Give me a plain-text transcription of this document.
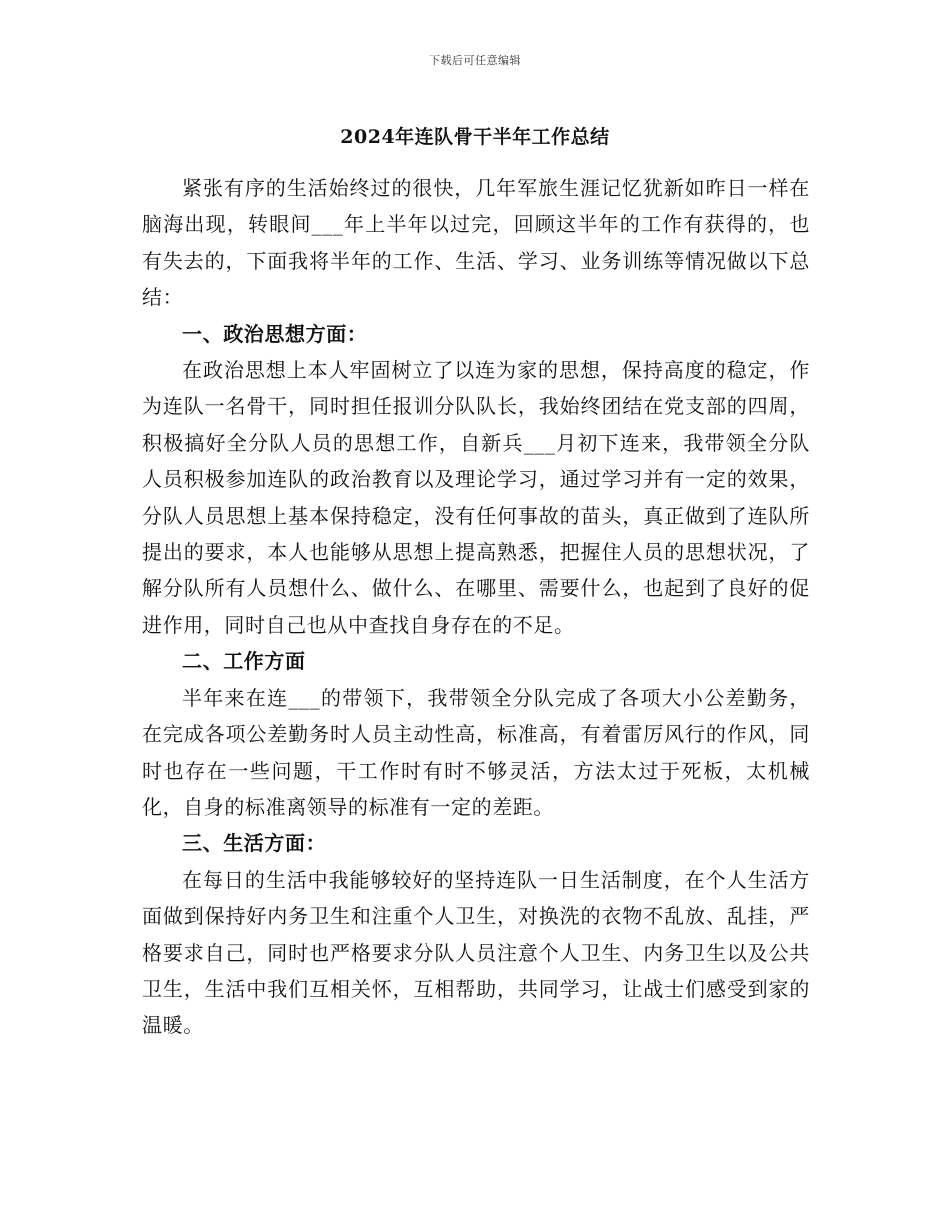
下载后可任意编辑
2024年连队骨干半年工作总结

紧张有序的生活始终过的很快，几年军旅生涯记忆犹新如昨日一样在脑海出现，转眼间___年上半年以过完，回顾这半年的工作有获得的，也有失去的，下面我将半年的工作、生活、学习、业务训练等情况做以下总结：

一、政治思想方面：

在政治思想上本人牢固树立了以连为家的思想，保持高度的稳定，作为连队一名骨干，同时担任报训分队队长，我始终团结在党支部的四周，积极搞好全分队人员的思想工作，自新兵___月初下连来，我带领全分队人员积极参加连队的政治教育以及理论学习，通过学习并有一定的效果，分队人员思想上基本保持稳定，没有任何事故的苗头，真正做到了连队所提出的要求，本人也能够从思想上提高熟悉，把握住人员的思想状况，了解分队所有人员想什么、做什么、在哪里、需要什么，也起到了良好的促进作用，同时自己也从中查找自身存在的不足。

二、工作方面

半年来在连___的带领下，我带领全分队完成了各项大小公差勤务，在完成各项公差勤务时人员主动性高，标准高，有着雷厉风行的作风，同时也存在一些问题，干工作时有时不够灵活，方法太过于死板，太机械化，自身的标准离领导的标准有一定的差距。

三、生活方面：

在每日的生活中我能够较好的坚持连队一日生活制度，在个人生活方面做到保持好内务卫生和注重个人卫生，对换洗的衣物不乱放、乱挂，严格要求自己，同时也严格要求分队人员注意个人卫生、内务卫生以及公共卫生，生活中我们互相关怀，互相帮助，共同学习，让战士们感受到家的温暖。
